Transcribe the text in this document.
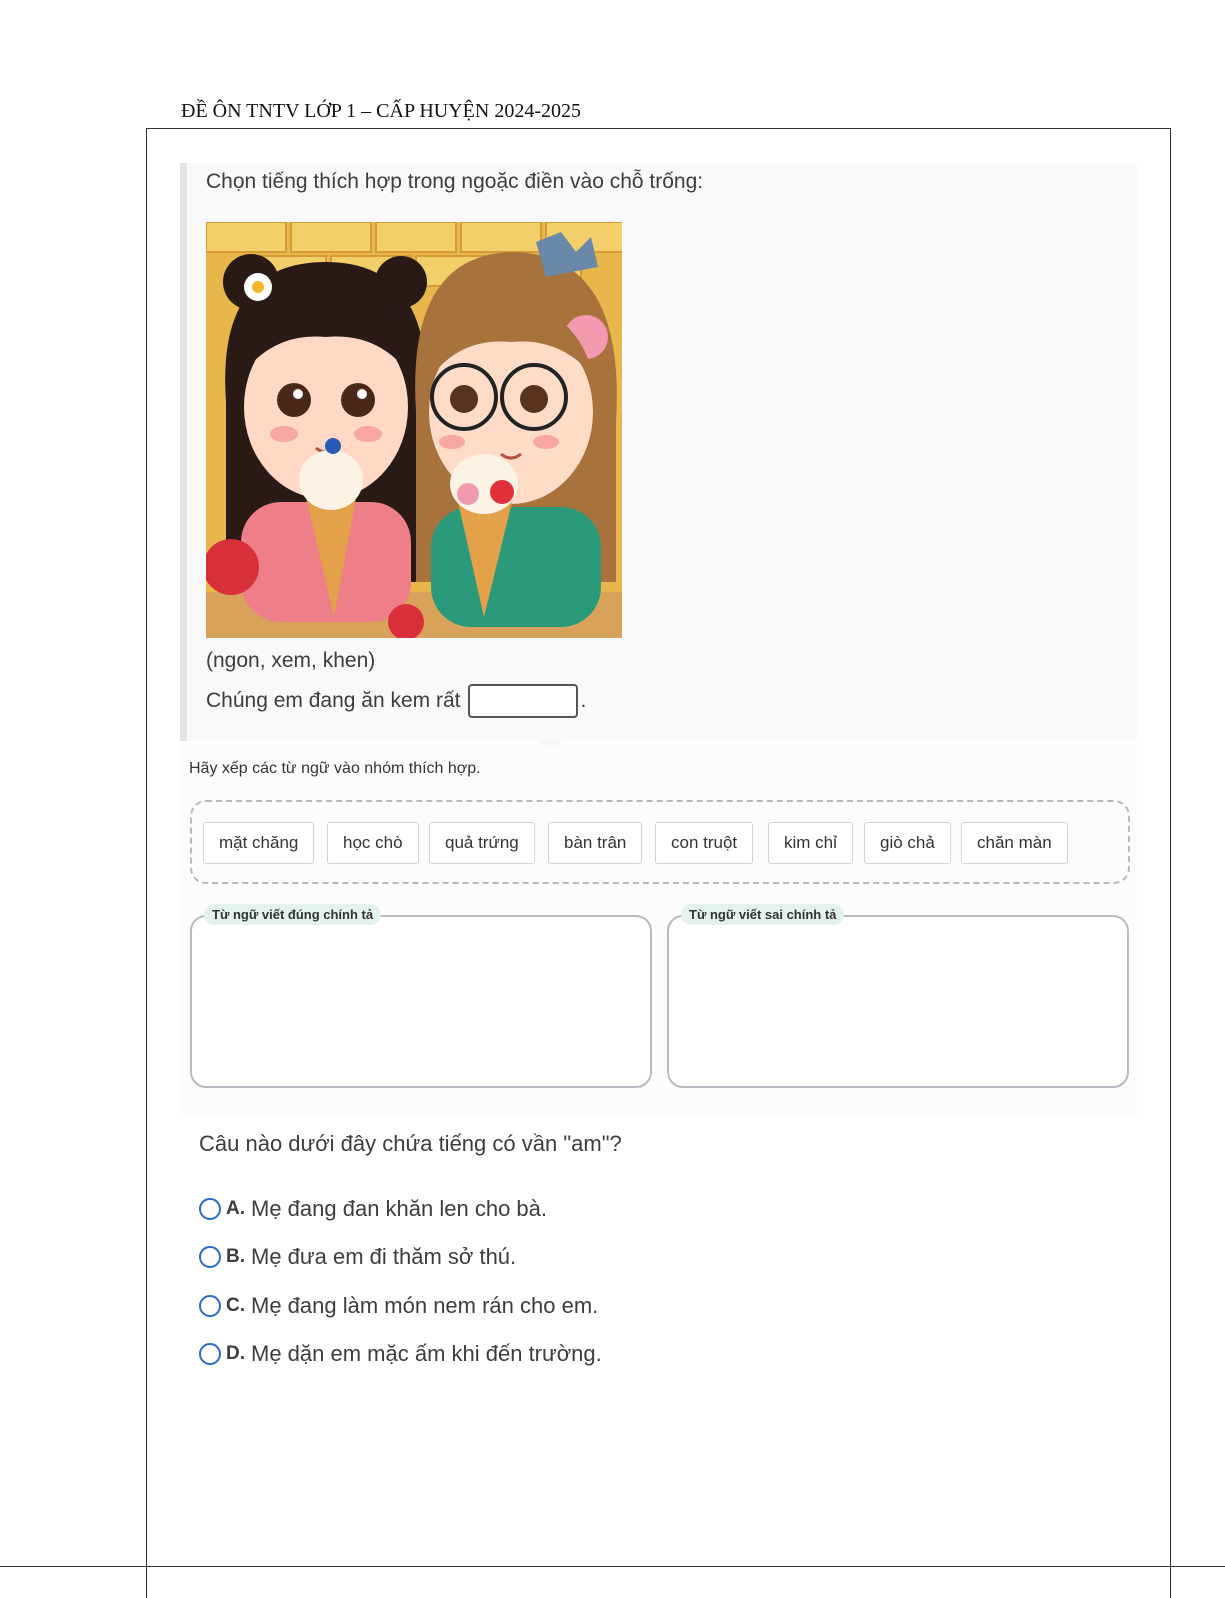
ĐỀ ÔN TNTV LỚP 1 – CẤP HUYỆN 2024-2025
Chọn tiếng thích hợp trong ngoặc điền vào chỗ trống:
(ngon, xem, khen)
Chúng em đang ăn kem rất	.
Hãy xếp các từ ngữ vào nhóm thích hợp.
mặt chăng	học chò	quả trứng	bàn trân	con truột	kim chỉ	giò chả	chăn màn
Từ ngữ viết đúng chính tả	Từ ngữ viết sai chính tả
Câu nào dưới đây chứa tiếng có vần "am"?
A. Mẹ đang đan khăn len cho bà.
B. Mẹ đưa em đi thăm sở thú.
C. Mẹ đang làm món nem rán cho em.
D. Mẹ dặn em mặc ấm khi đến trường.
